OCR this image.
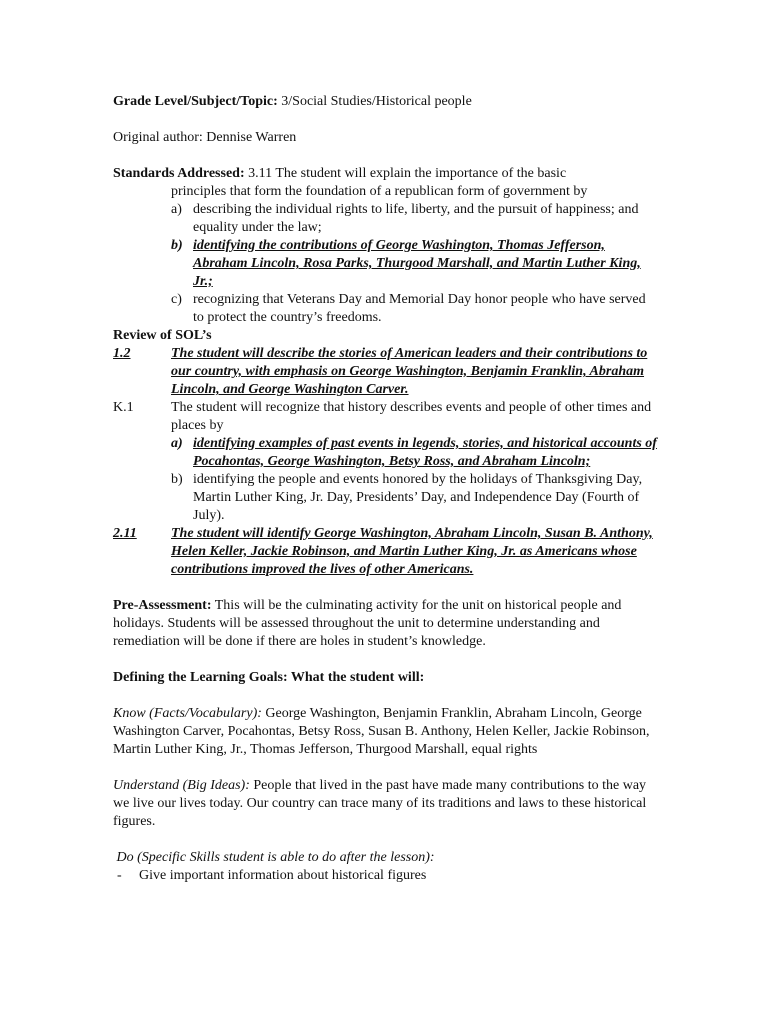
Grade Level/Subject/Topic: 3/Social Studies/Historical people

Original author: Dennise Warren

Standards Addressed: 3.11 The student will explain the importance of the basic

principles that form the foundation of a republican form of government by

a) describing the individual rights to life, liberty, and the pursuit of happiness; and equality under the law;
b) identifying the contributions of George Washington, Thomas Jefferson, Abraham Lincoln, Rosa Parks, Thurgood Marshall, and Martin Luther King, Jr.;
c) recognizing that Veterans Day and Memorial Day honor people who have served to protect the country’s freedoms.

Review of SOL’s

1.2	The student will describe the stories of American leaders and their contributions to our country, with emphasis on George Washington, Benjamin Franklin, Abraham Lincoln, and George Washington Carver.
K.1	The student will recognize that history describes events and people of other times and places by
a) identifying examples of past events in legends, stories, and historical accounts of Pocahontas, George Washington, Betsy Ross, and Abraham Lincoln;
b) identifying the people and events honored by the holidays of Thanksgiving Day, Martin Luther King, Jr. Day, Presidents’ Day, and Independence Day (Fourth of July).
2.11	The student will identify George Washington, Abraham Lincoln, Susan B. Anthony, Helen Keller, Jackie Robinson, and Martin Luther King, Jr. as Americans whose contributions improved the lives of other Americans.

Pre-Assessment: This will be the culminating activity for the unit on historical people and holidays. Students will be assessed throughout the unit to determine understanding and remediation will be done if there are holes in student’s knowledge.

Defining the Learning Goals: What the student will:

Know (Facts/Vocabulary): George Washington, Benjamin Franklin, Abraham Lincoln, George Washington Carver, Pocahontas, Betsy Ross, Susan B. Anthony, Helen Keller, Jackie Robinson, Martin Luther King, Jr., Thomas Jefferson, Thurgood Marshall, equal rights

Understand (Big Ideas): People that lived in the past have made many contributions to the way we live our lives today. Our country can trace many of its traditions and laws to these historical figures.

Do (Specific Skills student is able to do after the lesson):

-	Give important information about historical figures
